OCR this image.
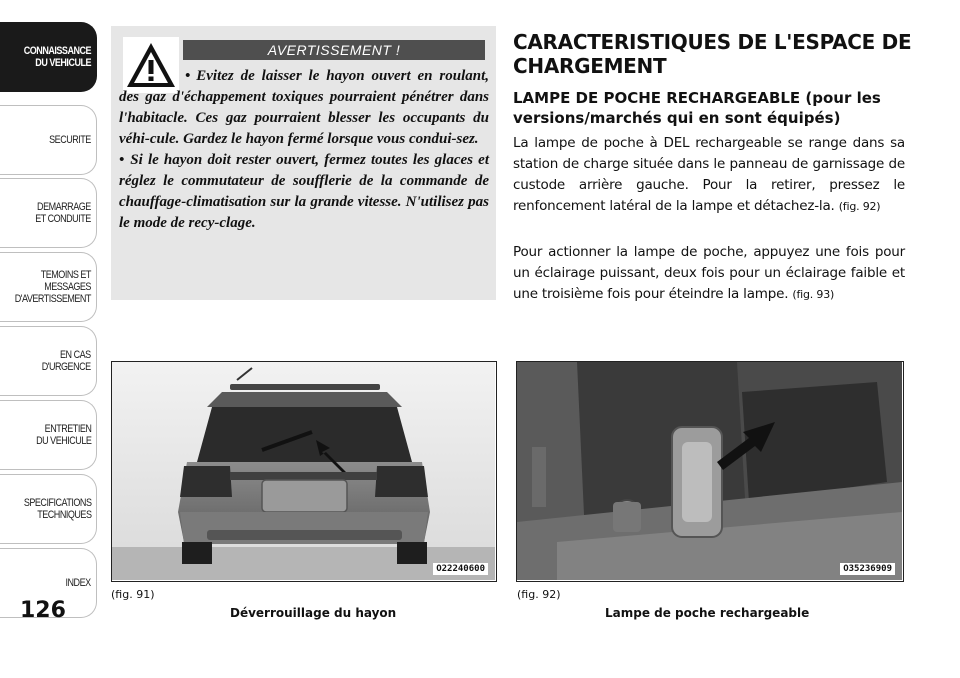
CONNAISSANCE
DU VEHICULE
SECURITE
DEMARRAGE
ET CONDUITE
TEMOINS ET
MESSAGES
D'AVERTISSEMENT
EN CAS
D'URGENCE
ENTRETIEN
DU VEHICULE
SPECIFICATIONS
TECHNIQUES
INDEX
126
AVERTISSEMENT !

• Evitez de laisser le hayon ouvert en roulant, des gaz d'échappement toxiques pourraient pénétrer dans l'habitacle. Ces gaz pourraient blesser les occupants du véhi-cule. Gardez le hayon fermé lorsque vous condui-sez.

• Si le hayon doit rester ouvert, fermez toutes les glaces et réglez le commutateur de soufflerie de la commande de chauffage-climatisation sur la grande vitesse. N'utilisez pas le mode de recy-clage.

CARACTERISTIQUES DE L'ESPACE DE CHARGEMENT
LAMPE DE POCHE RECHARGEABLE (pour les versions/marchés qui en sont équipés)
La lampe de poche à DEL rechargeable se range dans sa station de charge située dans le panneau de garnissage de custode arrière gauche. Pour la retirer, pressez le renfoncement latéral de la lampe et détachez-la. (fig. 92)
Pour actionner la lampe de poche, appuyez une fois pour un éclairage puissant, deux fois pour un éclairage faible et une troisième fois pour éteindre la lampe. (fig. 93)
O22240600
(fig. 91)
Déverrouillage du hayon
O35236909
(fig. 92)
Lampe de poche rechargeable
